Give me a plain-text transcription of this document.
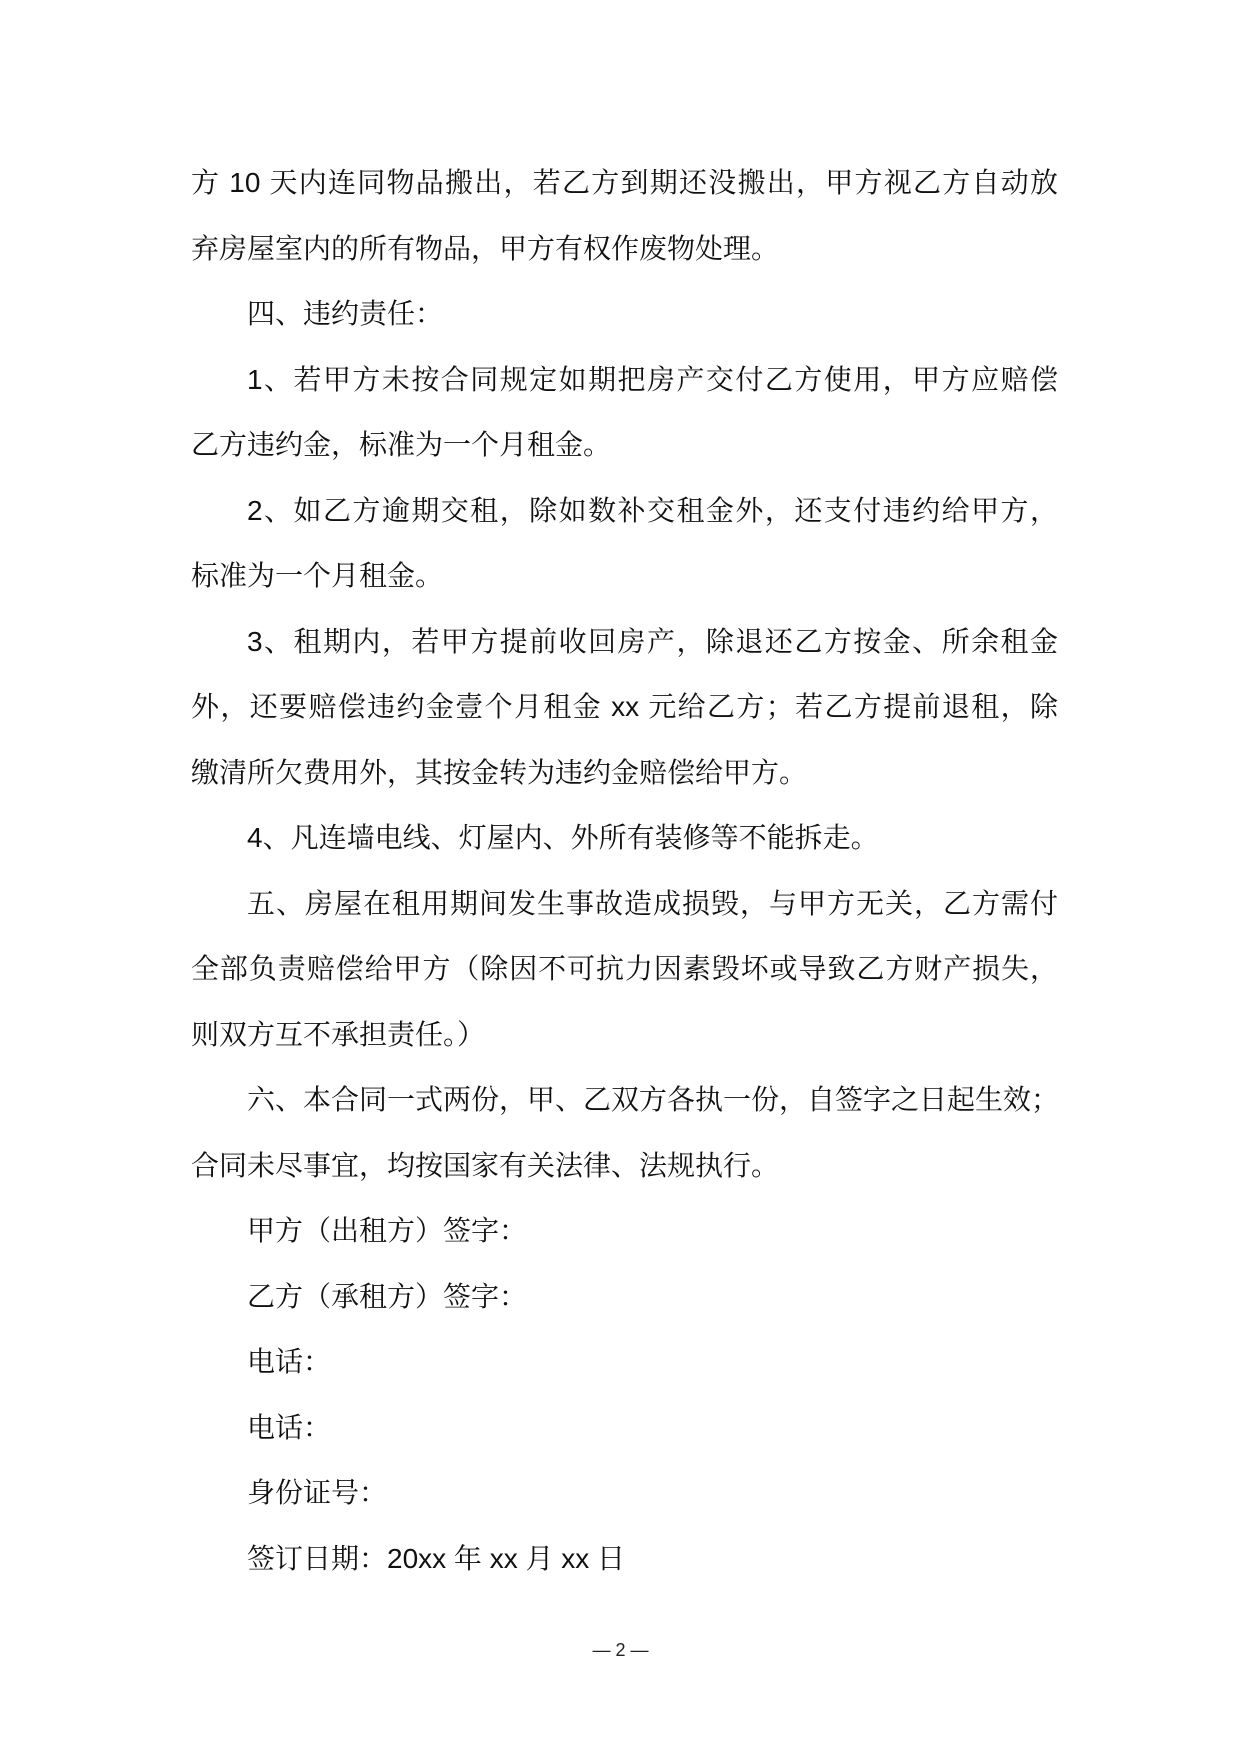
方 10 天内连同物品搬出，若乙方到期还没搬出，甲方视乙方自动放
弃房屋室内的所有物品，甲方有权作废物处理。
四、违约责任：
1、若甲方未按合同规定如期把房产交付乙方使用，甲方应赔偿
乙方违约金，标准为一个月租金。
2、如乙方逾期交租，除如数补交租金外，还支付违约给甲方，
标准为一个月租金。
3、租期内，若甲方提前收回房产，除退还乙方按金、所余租金
外，还要赔偿违约金壹个月租金 xx 元给乙方；若乙方提前退租，除
缴清所欠费用外，其按金转为违约金赔偿给甲方。
4、凡连墙电线、灯屋内、外所有装修等不能拆走。
五、房屋在租用期间发生事故造成损毁，与甲方无关，乙方需付
全部负责赔偿给甲方（除因不可抗力因素毁坏或导致乙方财产损失，
则双方互不承担责任。）
六、本合同一式两份，甲、乙双方各执一份，自签字之日起生效；
合同未尽事宜，均按国家有关法律、法规执行。
甲方（出租方）签字：
乙方（承租方）签字：
电话：
电话：
身份证号：
签订日期：20xx 年 xx 月 xx 日
— 2 —
